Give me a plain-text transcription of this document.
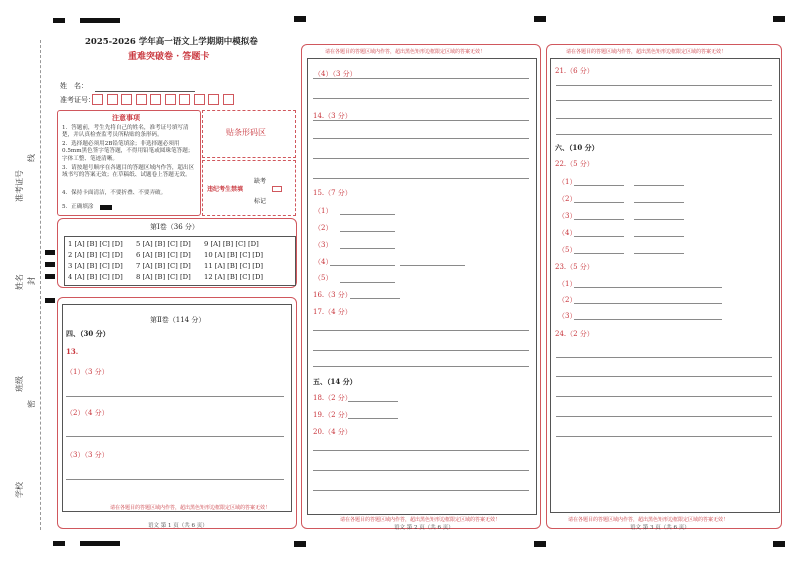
准考证号
线
姓名 封
班级
密
学校
2025-2026 学年高一语文上学期期中模拟卷
重难突破卷 · 答题卡
姓　名：
准考证号：
贴条形码区
注意事项
1．答题前，考生先将自己的姓名，准考证号填写清楚，并认真检查监考员所粘贴的条形码。
2．选择题必须用2B铅笔填涂；非选择题必须用0.5mm黑色签字笔答题，不得用铅笔或圆珠笔答题；字体工整、笔迹清晰。
3．请按题号顺序在各题目的答题区域内作答，超出区域书写的答案无效；在草稿纸、试题卷上答题无效。
4．保持卡面清洁，不要折叠、不要弄破。
5．正确填涂
违纪考生禁填
缺考
标记
第Ⅰ卷（36 分）
1 [A] [B] [C] [D] 5 [A] [B] [C] [D] 9 [A] [B] [C] [D]
2 [A] [B] [C] [D] 6 [A] [B] [C] [D] 10 [A] [B] [C] [D]
3 [A] [B] [C] [D] 7 [A] [B] [C] [D] 11 [A] [B] [C] [D]
4 [A] [B] [C] [D] 8 [A] [B] [C] [D] 12 [A] [B] [C] [D]
第Ⅱ卷（114 分）
四、（30 分）
13.
（1）（3 分）
（2）（4 分）
（3）（3 分）
请在各题目的答题区域内作答，超出黑色矩形边框限定区域的答案无效！
语文 第 1 页（共 6 页）
请在各题目的答题区域内作答，超出黑色矩形边框限定区域的答案无效！
（4）（3 分）
14.（3 分）
15.（7 分）
（1）
（2）
（3）
（4）
（5）
16.（3 分）
17.（4 分）
五、（14 分）
18.（2 分）
19.（2 分）
20.（4 分）
请在各题目的答题区域内作答，超出黑色矩形边框限定区域的答案无效！
语文 第 2 页（共 6 页）
请在各题目的答题区域内作答，超出黑色矩形边框限定区域的答案无效！
21.（6 分）
六、（10 分）
22.（5 分）
（1）
（2）
（3）
（4）
（5）
23.（5 分）
（1）
（2）
（3）
24.（2 分）
请在各题目的答题区域内作答，超出黑色矩形边框限定区域的答案无效！
语文 第 3 页（共 6 页）
